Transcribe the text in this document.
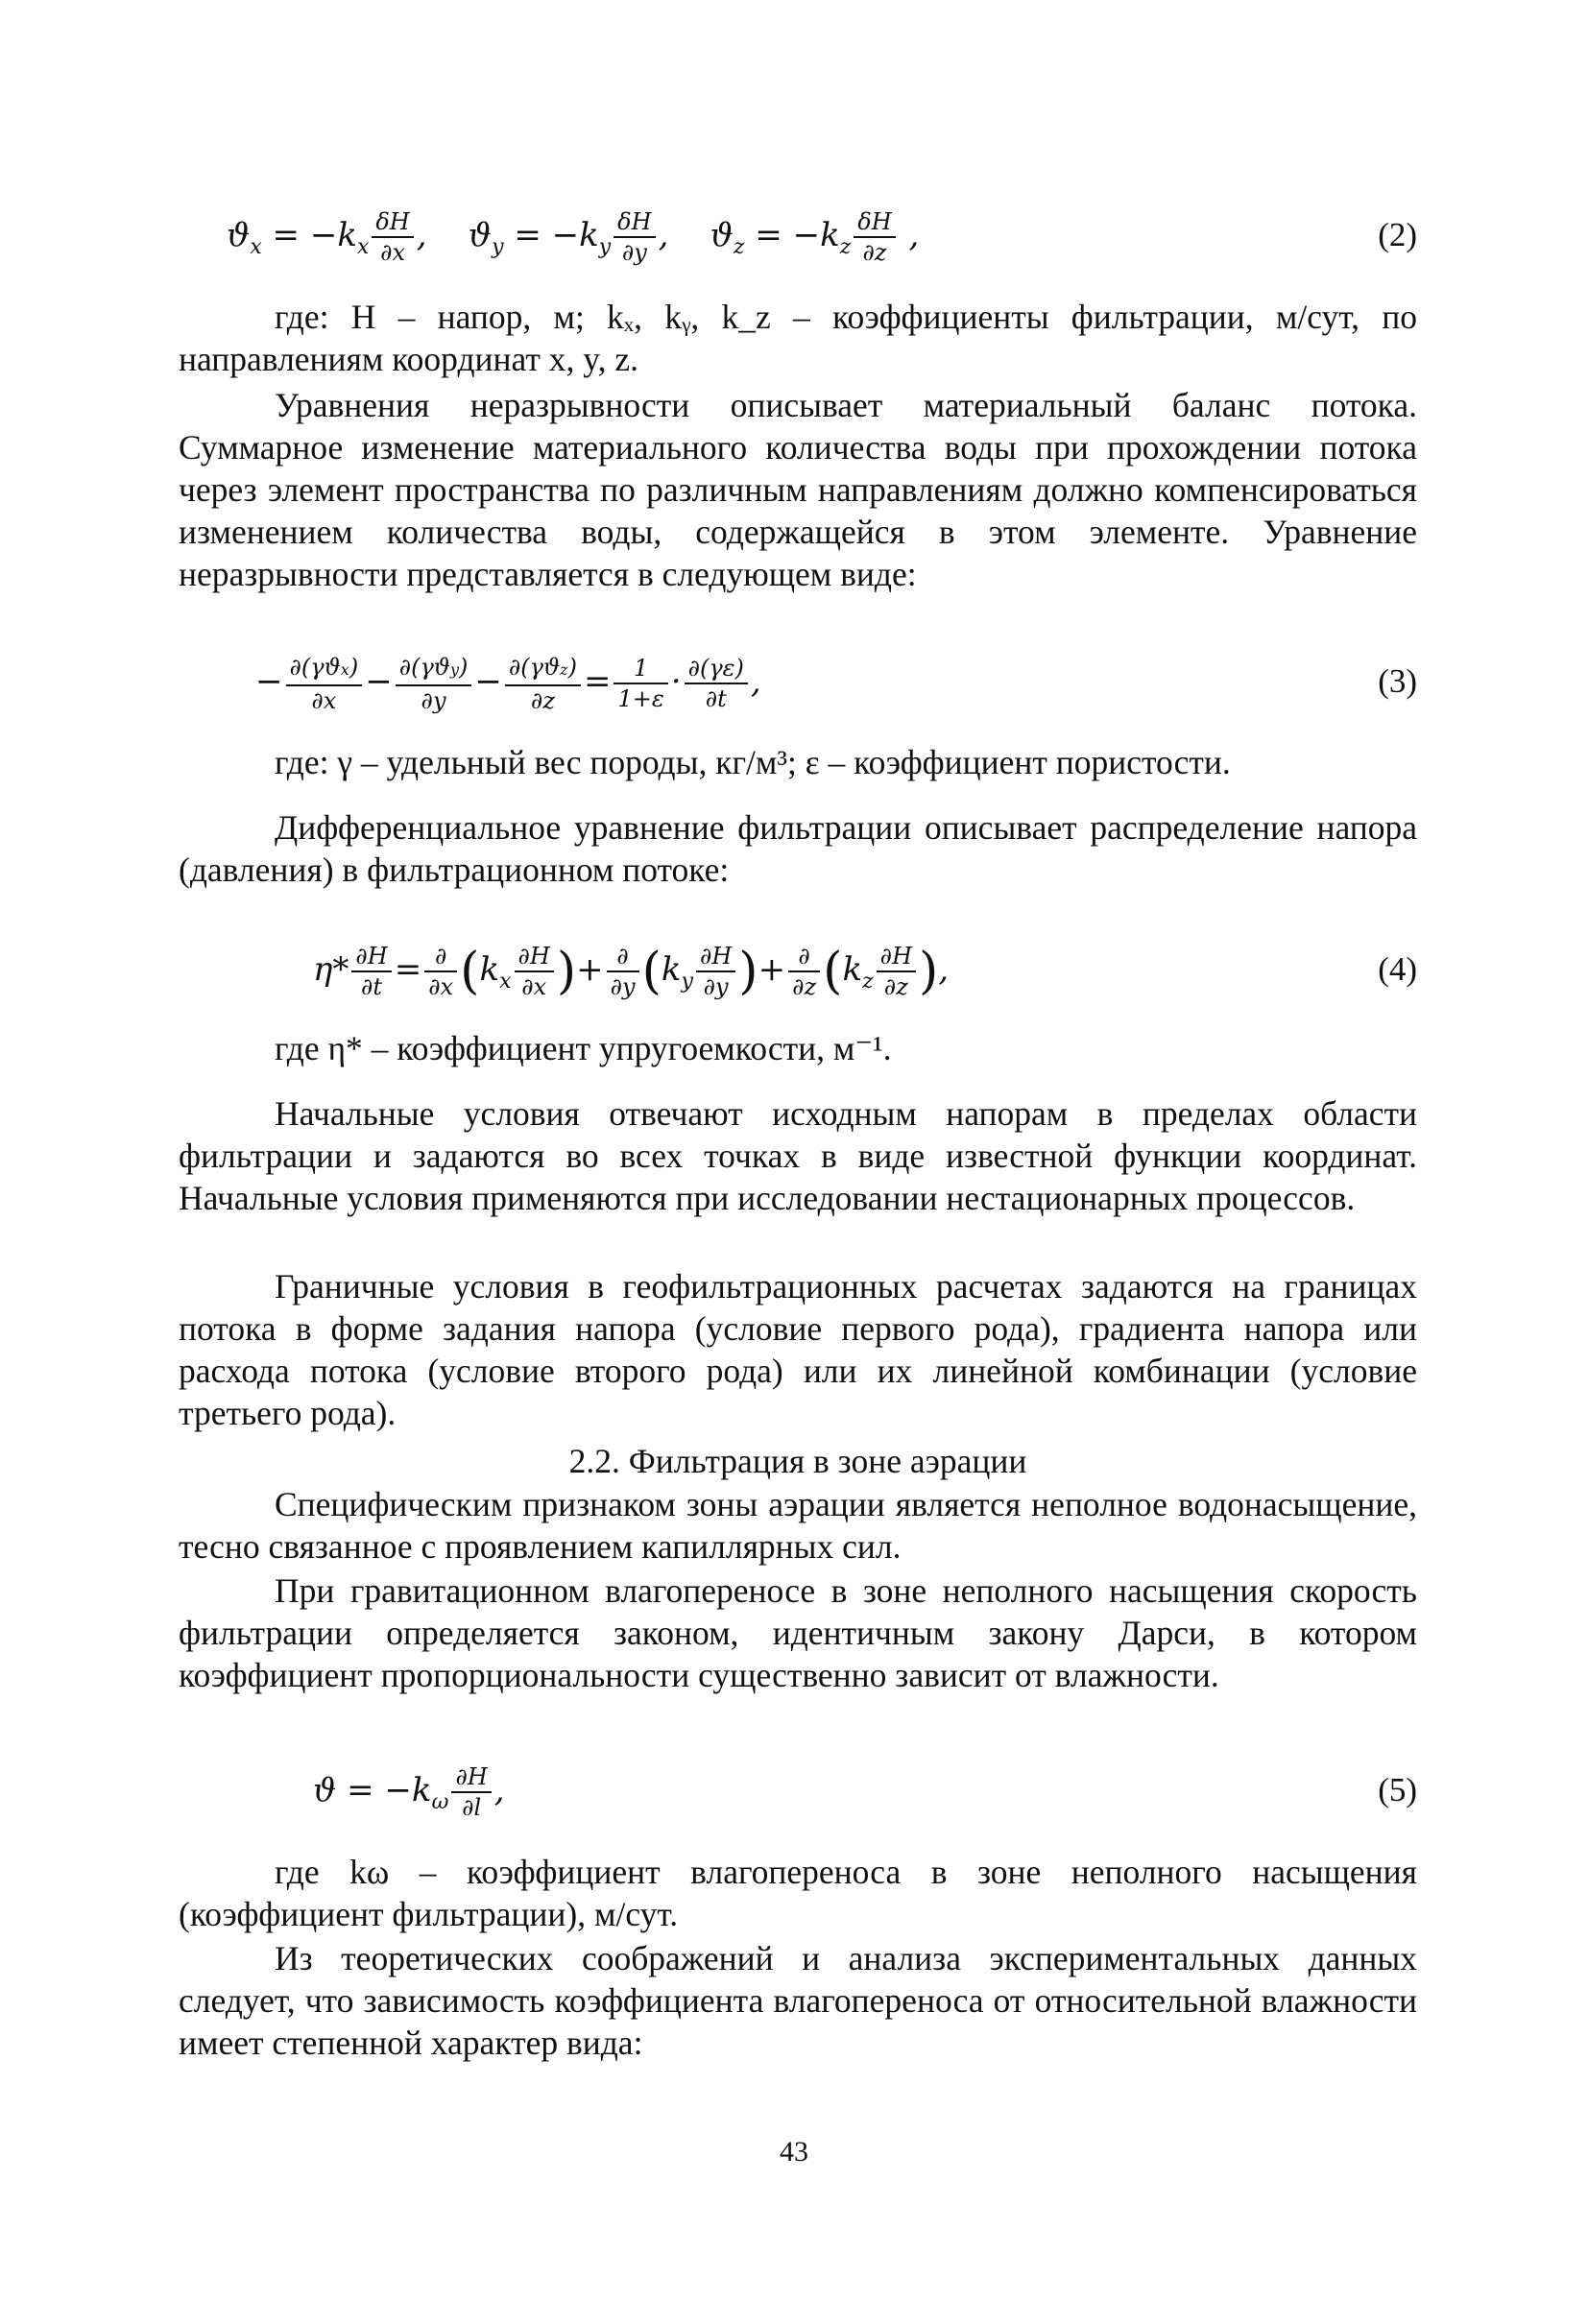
$ϑ_x = -k_x \frac{\delta H}{\partial x}$ ,    $ϑ_y = -k_y \frac{\delta H}{\partial y}$ ,    $ϑ_z = -k_z \frac{\delta H}{\partial z}$ ,	(2)
где: H – напор, м; kₓ, kᵧ, k_z – коэффициенты фильтрации, м/сут, по направлениям координат x, y, z.
Уравнения неразрывности описывает материальный баланс потока. Суммарное изменение материального количества воды при прохождении потока через элемент пространства по различным направлениям должно компенсироваться изменением количества воды, содержащейся в этом элементе. Уравнение неразрывности представляется в следующем виде:
− $\frac{\text{∂(γϑx)}}{\partial x} - \frac{\text{∂(γϑy)}}{\partial y} - \frac{\text{∂(γϑz)}}{\partial z} = \frac{1}{1+\varepsilon} \cdot \frac{\partial(\gamma\varepsilon)}{\partial t}$ ,	(3)
где: γ – удельный вес породы, кг/м³; ε – коэффициент пористости.
Дифференциальное уравнение фильтрации описывает распределение напора (давления) в фильтрационном потоке:
$\eta* \frac{\partial H}{\partial t} = \frac{\partial}{\partial x} (k_x \frac{\partial H}{\partial x}$ )+ $\frac{\partial}{\partial y} (k_y \frac{\partial H}{\partial y}$ )+ $\frac{\partial}{\partial z} (k_z \frac{\partial H}{\partial z}$ ),	(4)
где η* – коэффициент упругоемкости, м⁻¹.
Начальные условия отвечают исходным напорам в пределах области фильтрации и задаются во всех точках в виде известной функции координат. Начальные условия применяются при исследовании нестационарных процессов.
Граничные условия в геофильтрационных расчетах задаются на границах потока в форме задания напора (условие первого рода), градиента напора или расхода потока (условие второго рода) или их линейной комбинации (условие третьего рода).
2.2. Фильтрация в зоне аэрации
Специфическим признаком зоны аэрации является неполное водонасыщение, тесно связанное с проявлением капиллярных сил.
При гравитационном влагопереносе в зоне неполного насыщения скорость фильтрации определяется законом, идентичным закону Дарси, в котором коэффициент пропорциональности существенно зависит от влажности.
$ϑ = -k_\omega \frac{\partial H}{\partial l}$ ,	(5)
где kω – коэффициент влагопереноса в зоне неполного насыщения (коэффициент фильтрации), м/сут.
Из теоретических соображений и анализа экспериментальных данных следует, что зависимость коэффициента влагопереноса от относительной влажности имеет степенной характер вида:
43
